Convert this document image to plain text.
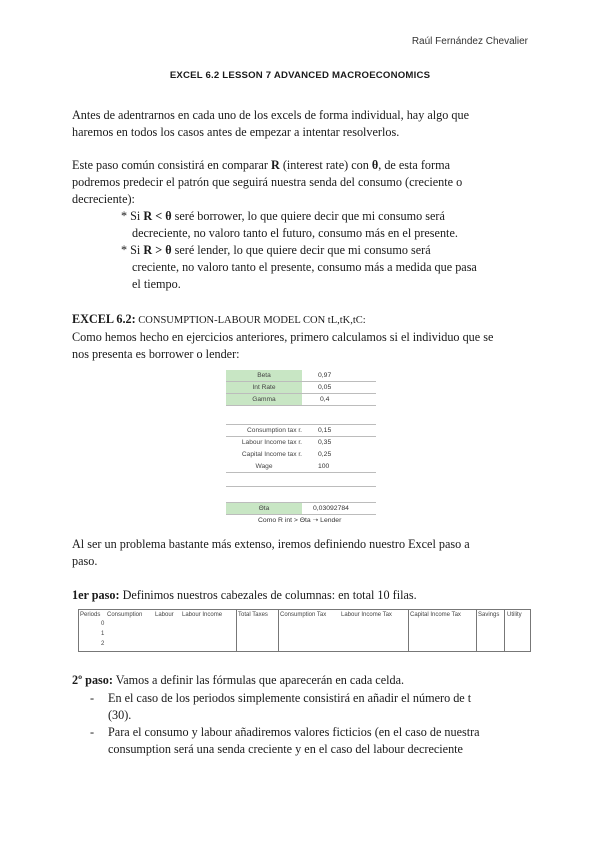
Raúl Fernández Chevalier
EXCEL 6.2 LESSON 7 ADVANCED MACROECONOMICS
Antes de adentrarnos en cada uno de los excels de forma individual, hay algo que
haremos en todos los casos antes de empezar a intentar resolverlos.
Este paso común consistirá en comparar R (interest rate) con θ, de esta forma
podremos predecir el patrón que seguirá nuestra senda del consumo (creciente o
decreciente):
* Si R < θ seré borrower, lo que quiere decir que mi consumo será
decreciente, no valoro tanto el futuro, consumo más en el presente.
* Si R > θ seré lender, lo que quiere decir que mi consumo será
creciente, no valoro tanto el presente, consumo más a medida que pasa
el tiempo.
EXCEL 6.2: CONSUMPTION-LABOUR MODEL CON tL,tK,tC:
Como hemos hecho en ejercicios anteriores, primero calculamos si el individuo que se
nos presenta es borrower o lender:
Beta	0,97
Int Rate	0,05
Gamma	0,4
Consumption tax r. 0,15
Labour Income tax r. 0,35
Capital Income tax r. 0,25
Wage	100
Θta	0,03092784
Como R int > Θta ➝ Lender
Al ser un problema bastante más extenso, iremos definiendo nuestro Excel paso a
paso.
1er paso: Definimos nuestros cabezales de columnas: en total 10 filas.
Periods	Consumption	Labour	Labour Income	Total Taxes	Consumption Tax	Labour Income Tax	Capital Income Tax	Savings	Utility
0
1
2
2º paso: Vamos a definir las fórmulas que aparecerán en cada celda.
- En el caso de los periodos simplemente consistirá en añadir el número de t
(30).
- Para el consumo y labour añadiremos valores ficticios (en el caso de nuestra
consumption será una senda creciente y en el caso del labour decreciente
